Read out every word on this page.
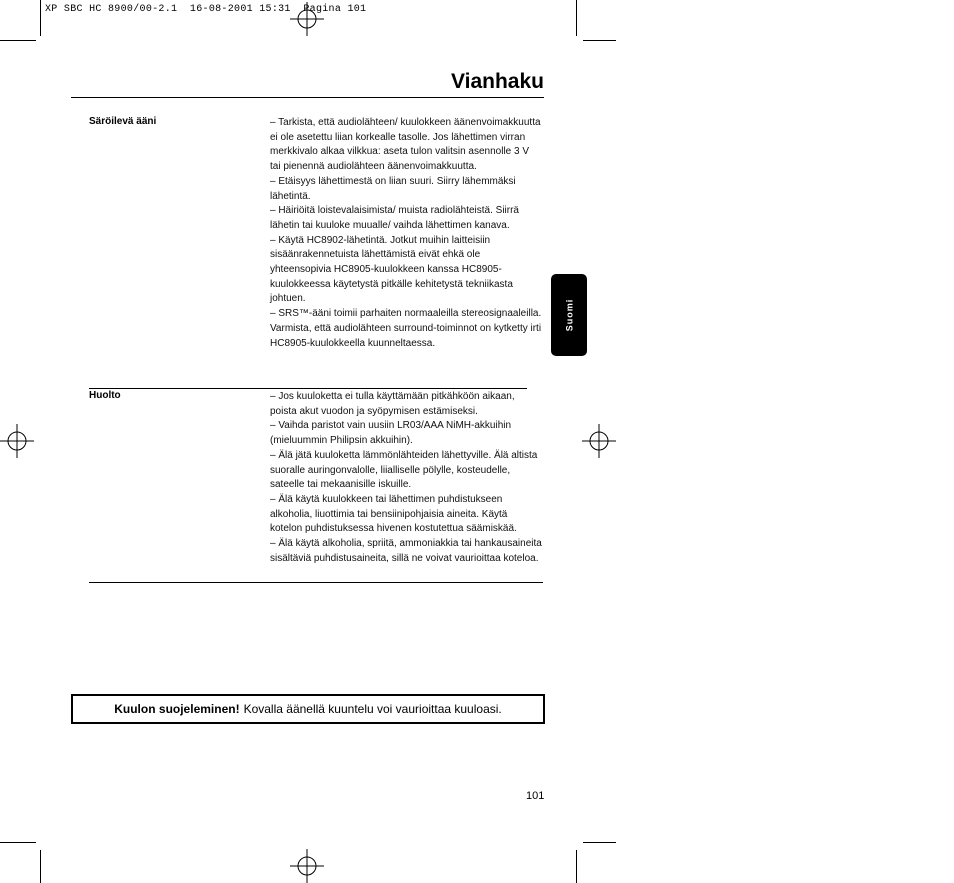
XP SBC HC 8900/00-2.1  16-08-2001 15:31  Pagina 101
Vianhaku
Säröilevä ääni	– Tarkista, että audiolähteen/ kuulokkeen äänenvoimakkuutta ei ole asetettu liian korkealle tasolle. Jos lähettimen virran merkkivalo alkaa vilkkua: aseta tulon valitsin asennolle 3 V tai pienennä audiolähteen äänenvoimakkuutta.

– Etäisyys lähettimestä on liian suuri. Siirry lähemmäksi lähetintä.

– Häiriöitä loistevalaisimista/ muista radiolähteistä. Siirrä lähetin tai kuuloke muualle/ vaihda lähettimen kanava.

– Käytä HC8902-lähetintä. Jotkut muihin laitteisiin sisäänrakennetuista lähettämistä eivät ehkä ole yhteensopivia HC8905-kuulokkeen kanssa HC8905-kuulokkeessa käytetystä pitkälle kehitetystä tekniikasta johtuen.

– SRS™-ääni toimii parhaiten normaaleilla stereosignaaleilla. Varmista, että audiolähteen surround-toiminnot on kytketty irti HC8905-kuulokkeella kuunneltaessa.

Huolto	– Jos kuuloketta ei tulla käyttämään pitkähköön aikaan, poista akut vuodon ja syöpymisen estämiseksi.

– Vaihda paristot vain uusiin LR03/AAA NiMH-akkuihin (mieluummin Philipsin akkuihin).

– Älä jätä kuuloketta lämmönlähteiden lähettyville. Älä altista suoralle auringonvalolle, liialliselle pölylle, kosteudelle, sateelle tai mekaanisille iskuille.

– Älä käytä kuulokkeen tai lähettimen puhdistukseen alkoholia, liuottimia tai bensiinipohjaisia aineita. Käytä kotelon puhdistuksessa hivenen kostutettua säämiskää.

– Älä käytä alkoholia, spriitä, ammoniakkia tai hankausaineita sisältäviä puhdistusaineita, sillä ne voivat vaurioittaa koteloa.

Suomi
Kuulon suojeleminen! Kovalla äänellä kuuntelu voi vaurioittaa kuuloasi.
101
